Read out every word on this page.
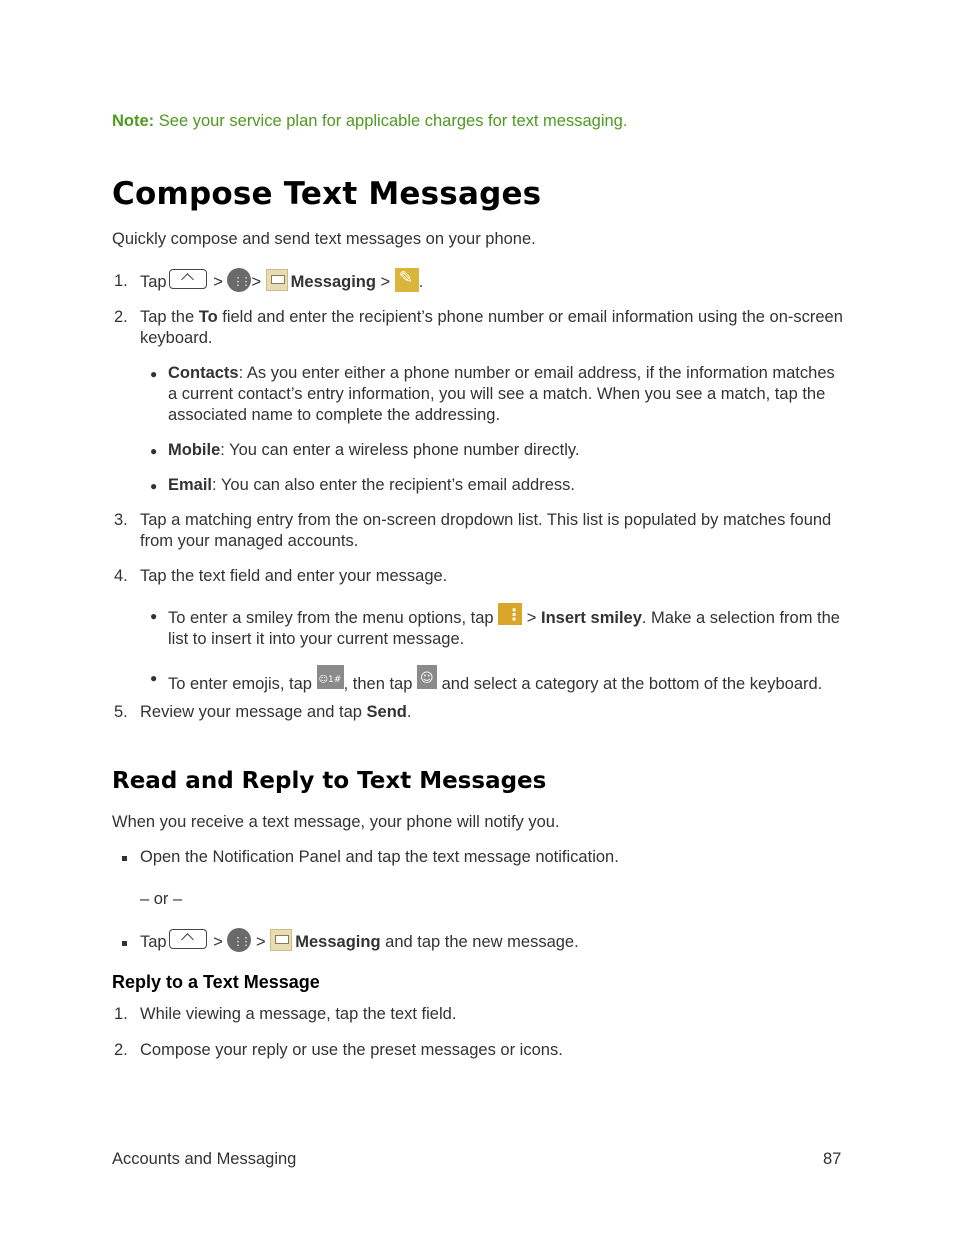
Note: See your service plan for applicable charges for text messaging.
Compose Text Messages
Quickly compose and send text messages on your phone.
1. Tap	> ⋮⋮ > Messaging > ✎ .
2. Tap the To field and enter the recipient’s phone number or email information using the on-screen keyboard.
● Contacts: As you enter either a phone number or email address, if the information matches a current contact’s entry information, you will see a match. When you see a match, tap the associated name to complete the addressing.
● Mobile: You can enter a wireless phone number directly.
● Email: You can also enter the recipient’s email address.
3. Tap a matching entry from the on-screen dropdown list. This list is populated by matches found from your managed accounts.
4. Tap the text field and enter your message.
● To enter a smiley from the menu options, tap ⋮ > Insert smiley. Make a selection from the list to insert it into your current message.
● To enter emojis, tap ☺1# , then tap ☺ and select a category at the bottom of the keyboard.
5. Review your message and tap Send.
Read and Reply to Text Messages
When you receive a text message, your phone will notify you.
Open the Notification Panel and tap the text message notification.
– or –
Tap	> ⋮⋮ > Messaging and tap the new message.
Reply to a Text Message
1. While viewing a message, tap the text field.
2. Compose your reply or use the preset messages or icons.
Accounts and Messaging	87
